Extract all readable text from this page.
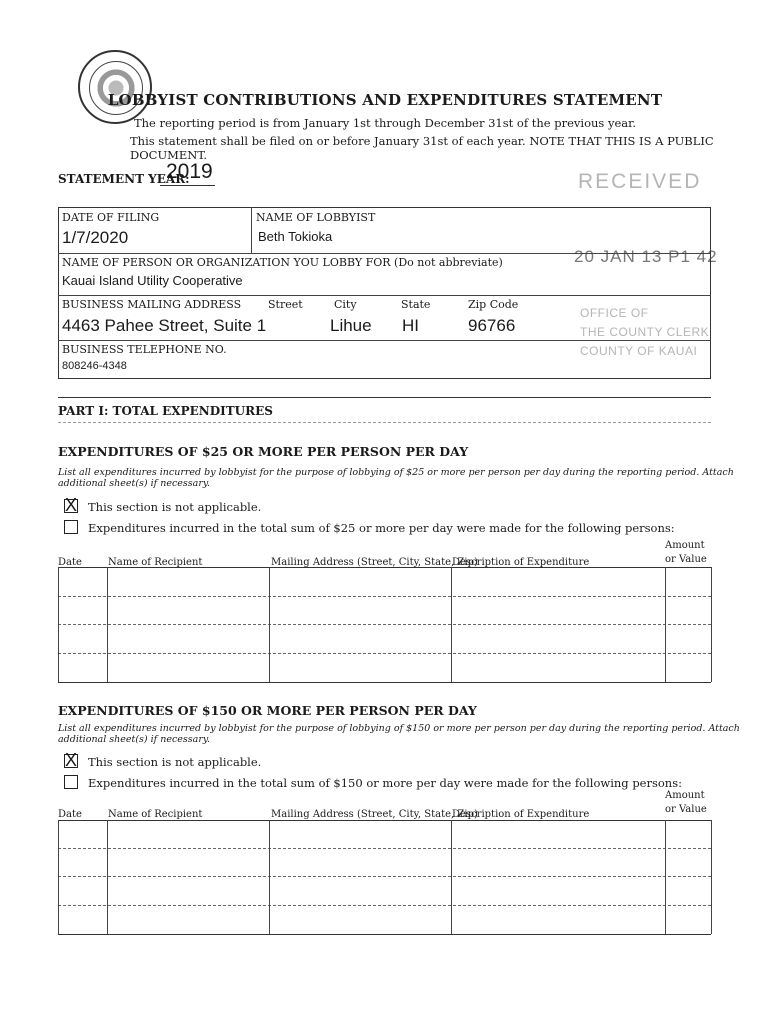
LOBBYIST CONTRIBUTIONS AND EXPENDITURES STATEMENT
The reporting period is from January 1st through December 31st of the previous year.
This statement shall be filed on or before January 31st of each year. NOTE THAT THIS IS A PUBLIC DOCUMENT.
STATEMENT YEAR:
2019	RECEIVED
20 JAN 13 P1 42
OFFICE OF
THE COUNTY CLERK
COUNTY OF KAUAI
DATE OF FILING
1/7/2020
NAME OF LOBBYIST
Beth Tokioka
NAME OF PERSON OR ORGANIZATION YOU LOBBY FOR (Do not abbreviate)
Kauai Island Utility Cooperative
BUSINESS MAILING ADDRESS Street	City	State	Zip Code
4463 Pahee Street, Suite 1	Lihue HI	96766
BUSINESS TELEPHONE NO.
808246-4348
PART I: TOTAL EXPENDITURES
EXPENDITURES OF $25 OR MORE PER PERSON PER DAY
List all expenditures incurred by lobbyist for the purpose of lobbying of $25 or more per person per day during the reporting period. Attach additional sheet(s) if necessary.
X This section is not applicable.
Expenditures incurred in the total sum of $25 or more per day were made for the following persons:
Date	Name of Recipient	Mailing Address (Street, City, State, Zip)
Description of Expenditure
Amount
or Value
EXPENDITURES OF $150 OR MORE PER PERSON PER DAY
List all expenditures incurred by lobbyist for the purpose of lobbying of $150 or more per person per day during the reporting period. Attach additional sheet(s) if necessary.
X This section is not applicable.
Expenditures incurred in the total sum of $150 or more per day were made for the following persons:
Date	Name of Recipient	Mailing Address (Street, City, State, Zip)
Description of Expenditure
Amount
or Value
